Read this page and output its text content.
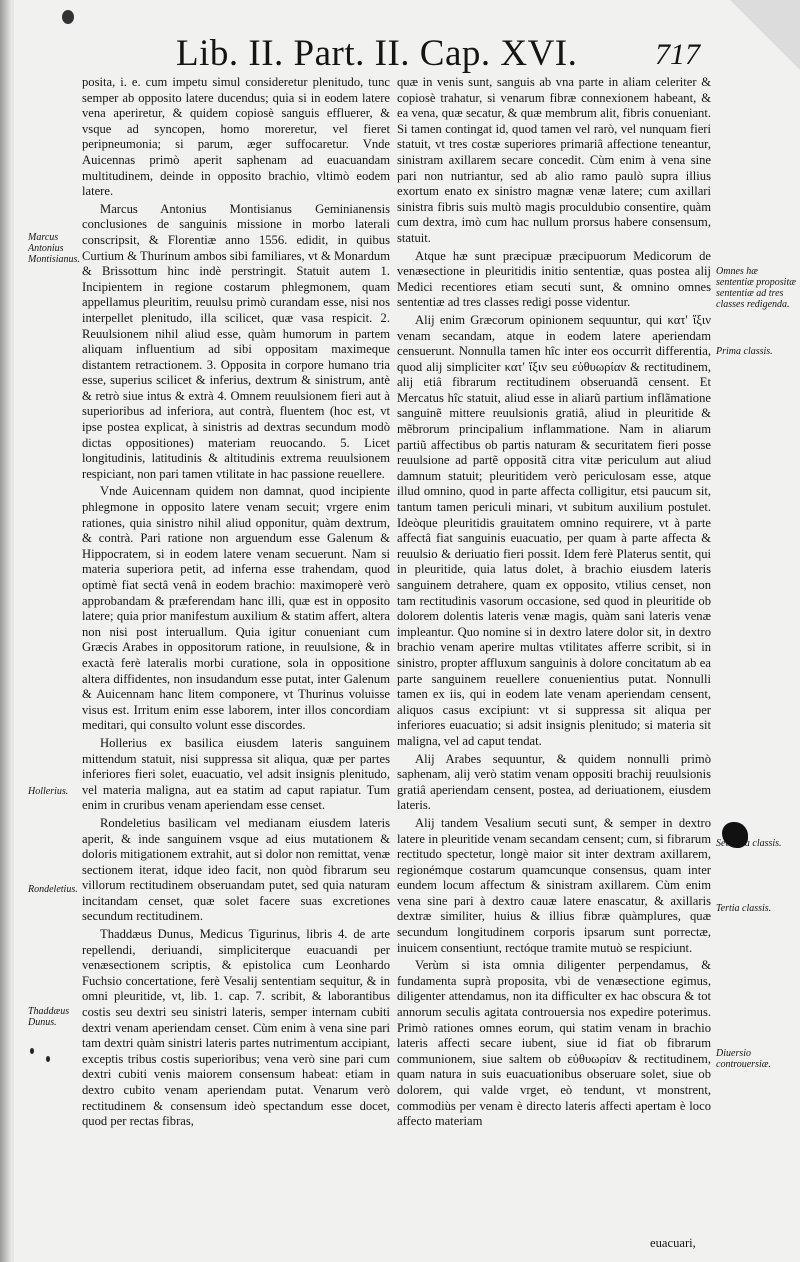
Lib. II. Part. II. Cap. XVI.	717

posita, i. e. cum impetu simul consideretur plenitudo, tunc semper ab opposito latere ducendus; quia si in eodem latere vena aperiretur, & quidem copiosè sanguis effluerer, & vsque ad syncopen, homo moreretur, vel fieret peripneumonia; si parum, æger suffocaretur. Vnde Auicennas primò aperit saphenam ad euacuandam multitudinem, deinde in opposito brachio, vltimò eodem latere.

Marcus Antonius Montisianus Geminianensis conclusiones de sanguinis missione in morbo laterali conscripsit, & Florentiæ anno 1556. edidit, in quibus Curtium & Thurinum ambos sibi familiares, vt & Monardum & Brissottum hinc indè perstringit. Statuit autem 1. Incipientem in regione costarum phlegmonem, quam appellamus pleuritim, reuulsu primò curandam esse, nisi nos interpellet plenitudo, illa scilicet, quæ vasa respicit. 2. Reuulsionem nihil aliud esse, quàm humorum in partem aliquam influentium ad sibi oppositam maximeque distantem retractionem. 3. Opposita in corpore humano tria esse, superius scilicet & inferius, dextrum & sinistrum, antè & retrò siue intus & extrà 4. Omnem reuulsionem fieri aut à superioribus ad inferiora, aut contrà, fluentem (hoc est, vt ipse postea explicat, à sinistris ad dextras secundum modò dictas oppositiones) materiam reuocando. 5. Licet longitudinis, latitudinis & altitudinis extrema reuulsionem respiciant, non pari tamen vtilitate in hac passione reuellere.

Vnde Auicennam quidem non damnat, quod incipiente phlegmone in opposito latere venam secuit; vrgere enim rationes, quia sinistro nihil aliud opponitur, quàm dextrum, & contrà. Pari ratione non arguendum esse Galenum & Hippocratem, si in eodem latere venam secuerunt. Nam si materia superiora petit, ad inferna esse trahendam, quod optimè fiat sectâ venâ in eodem brachio: maximoperè verò approbandam & præferendam hanc illi, quæ est in opposito latere; quia prior manifestum auxilium & statim affert, altera non nisi post interuallum. Quia igitur conueniant cum Græcis Arabes in oppositorum ratione, in reuulsione, & in exactà ferè lateralis morbi curatione, sola in oppositione altera diffidentes, non insudandum esse putat, inter Galenum & Auicennam hanc litem componere, vt Thurinus voluisse visus est. Irritum enim esse laborem, inter illos concordiam meditari, qui consulto volunt esse discordes.

Hollerius ex basilica eiusdem lateris sanguinem mittendum statuit, nisi suppressa sit aliqua, quæ per partes inferiores fieri solet, euacuatio, vel adsit insignis plenitudo, vel materia maligna, aut ea statim ad caput rapiatur. Tum enim in cruribus venam aperiendam esse censet.

Rondeletius basilicam vel medianam eiusdem lateris aperit, & inde sanguinem vsque ad eius mutationem & doloris mitigationem extrahit, aut si dolor non remittat, venæ sectionem iterat, idque ideo facit, non quòd fibrarum seu villorum rectitudinem obseruandam putet, sed quia naturam incitandam censet, quæ solet facere suas excretiones secundum rectitudinem.

Thaddæus Dunus, Medicus Tigurinus, libris 4. de arte repellendi, deriuandi, simpliciterque euacuandi per venæsectionem scriptis, & epistolica cum Leonhardo Fuchsio concertatione, ferè Vesalij sententiam sequitur, & in omni pleuritide, vt, lib. 1. cap. 7. scribit, & laborantibus costis seu dextri seu sinistri lateris, semper internam cubiti dextri venam aperiendam censet. Cùm enim à vena sine pari tam dextri quàm sinistri lateris partes nutrimentum accipiant, exceptis tribus costis superioribus; vena verò sine pari cum dextri cubiti venis maiorem consensum habeat: etiam in dextro cubito venam aperiendam putat. Venarum verò rectitudinem & consensum ideò spectandum esse docet, quod per rectas fibras,

quæ in venis sunt, sanguis ab vna parte in aliam celeriter & copiosè trahatur, si venarum fibræ connexionem habeant, & ea vena, quæ secatur, & quæ membrum alit, fibris conueniant. Si tamen contingat id, quod tamen vel rarò, vel nunquam fieri statuit, vt tres costæ superiores primariâ affectione teneantur, sinistram axillarem secare concedit. Cùm enim à vena sine pari non nutriantur, sed ab alio ramo paulò supra illius exortum enato ex sinistro magnæ venæ latere; cum axillari sinistra fibris suis multò magis proculdubio consentire, quàm cum dextra, imò cum hac nullum prorsus habere consensum, statuit.

Atque hæ sunt præcipuæ præcipuorum Medicorum de venæsectione in pleuritidis initio sententiæ, quas postea alij Medici recentiores etiam secuti sunt, & omnino omnes sententiæ ad tres classes redigi posse videntur.

Alij enim Græcorum opinionem sequuntur, qui κατ' ἴξιν venam secandam, atque in eodem latere aperiendam censuerunt. Nonnulla tamen hîc inter eos occurrit differentia, quod alij simpliciter κατ' ἴξιν seu εὐθυωρίαν & rectitudinem, alij etiâ fibrarum rectitudinem obseruandã censent. Et Mercatus hîc statuit, aliud esse in aliarũ partium inflãmatione sanguinẽ mittere reuulsionis gratiâ, aliud in pleuritide & mẽbrorum principalium inflammatione. Nam in aliarum partiũ affectibus ob partis naturam & securitatem fieri posse reuulsione ad partẽ oppositã citra vitæ periculum aut aliud damnum statuit; pleuritidem verò periculosam esse, atque illud omnino, quod in parte affecta colligitur, etsi paucum sit, tantum tamen periculi minari, vt subitum auxilium postulet. Ideòque pleuritidis grauitatem omnino requirere, vt à parte affectâ fiat sanguinis euacuatio, per quam à parte affecta & reuulsio & deriuatio fieri possit. Idem ferè Platerus sentit, qui in pleuritide, quia latus dolet, à brachio eiusdem lateris sanguinem detrahere, quam ex opposito, vtilius censet, non tam rectitudinis vasorum occasione, sed quod in pleuritide ob dolorem dolentis lateris venæ magis, quàm sani lateris venæ impleantur. Quo nomine si in dextro latere dolor sit, in dextro brachio venam aperire multas vtilitates afferre scribit, si in sinistro, propter affluxum sanguinis à dolore concitatum ab ea parte sanguinem reuellere conuenientius putat. Nonnulli tamen ex iis, qui in eodem late venam aperiendam censent, aliquos casus excipiunt: vt si suppressa sit aliqua per inferiores euacuatio; si adsit insignis plenitudo; si materia sit maligna, vel ad caput tendat.

Alij Arabes sequuntur, & quidem nonnulli primò saphenam, alij verò statim venam oppositi brachij reuulsionis gratiâ aperiendam censent, postea, ad deriuationem, eiusdem lateris.

Alij tandem Vesalium secuti sunt, & semper in dextro latere in pleuritide venam secandam censent; cum, si fibrarum rectitudo spectetur, longè maior sit inter dextram axillarem, regionémque costarum quamcunque consensus, quam inter eundem locum affectum & sinistram axillarem. Cùm enim vena sine pari à dextro cauæ latere enascatur, & axillaris dextræ similiter, huius & illius fibræ quàmplures, quæ secundum longitudinem corporis ipsarum sunt porrectæ, inuicem consentiunt, rectóque tramite mutuò se respiciunt.

Verùm si ista omnia diligenter perpendamus, & fundamenta suprà proposita, vbi de venæsectione egimus, diligenter attendamus, non ita difficulter ex hac obscura & tot annorum seculis agitata controuersia nos expedire poterimus. Primò rationes omnes eorum, qui statim venam in brachio lateris affecti secare iubent, siue id fiat ob fibrarum communionem, siue saltem ob εὐθυωρίαν & rectitudinem, quam natura in suis euacuationibus obseruare solet, siue ob dolorem, qui valde vrget, eò tendunt, vt monstrent, commodiùs per venam è directo lateris affecti apertam è loco affecto materiam

Marcus Antonius Montisianus.
Hollerius.
Rondeletius.
Thaddæus Dunus.
Omnes hæ sententiæ propositæ sententiæ ad tres classes redigenda.
Prima classis.
Secunda classis.
Tertia classis.
Diuersio controuersiæ.
euacuari,
